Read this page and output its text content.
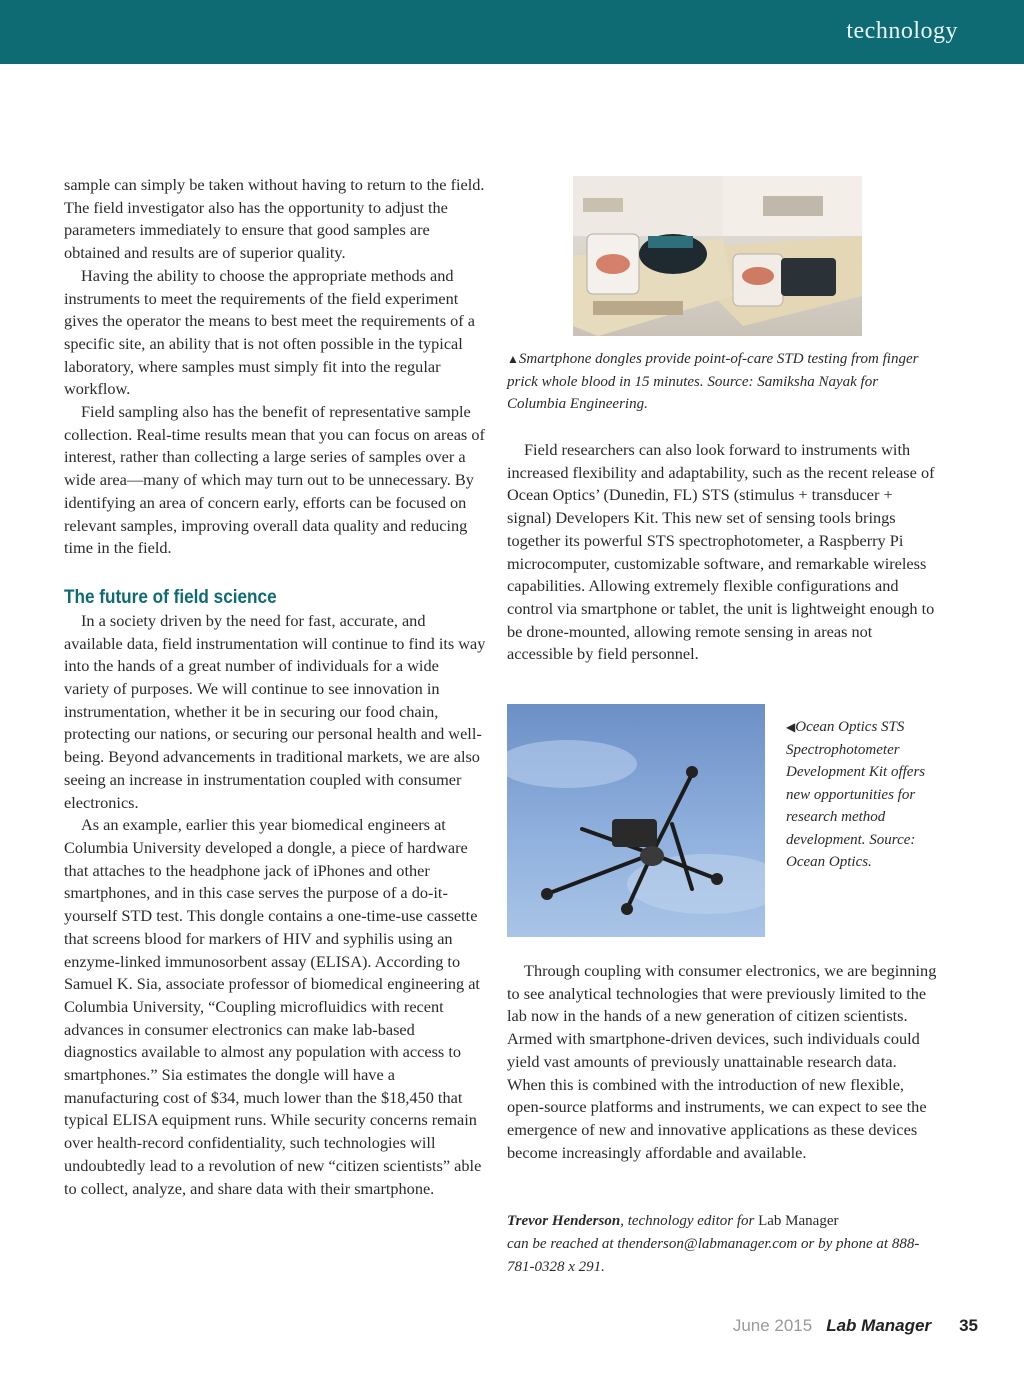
technology

sample can simply be taken without having to return to the field. The field investigator also has the opportunity to adjust the parameters immediately to ensure that good samples are obtained and results are of superior quality.

Having the ability to choose the appropriate methods and instruments to meet the requirements of the field experiment gives the operator the means to best meet the requirements of a specific site, an ability that is not often possible in the typical laboratory, where samples must simply fit into the regular workflow.

Field sampling also has the benefit of representative sample collection. Real-time results mean that you can focus on areas of interest, rather than collecting a large series of samples over a wide area—many of which may turn out to be unnecessary. By identifying an area of concern early, efforts can be focused on relevant samples, improving overall data quality and reducing time in the field.

The future of field science

In a society driven by the need for fast, accurate, and available data, field instrumentation will continue to find its way into the hands of a great number of individuals for a wide variety of purposes. We will continue to see innovation in instrumentation, whether it be in securing our food chain, protecting our nations, or securing our personal health and well-being. Beyond advancements in traditional markets, we are also seeing an increase in instrumentation coupled with consumer electronics.

As an example, earlier this year biomedical engineers at Columbia University developed a dongle, a piece of hardware that attaches to the headphone jack of iPhones and other smartphones, and in this case serves the purpose of a do-it-yourself STD test. This dongle contains a one-time-use cassette that screens blood for markers of HIV and syphilis using an enzyme-linked immunosorbent assay (ELISA). According to Samuel K. Sia, associate professor of biomedical engineering at Columbia University, “Coupling microfluidics with recent advances in consumer electronics can make lab-based diagnostics available to almost any population with access to smartphones.” Sia estimates the dongle will have a manufacturing cost of $34, much lower than the $18,450 that typical ELISA equipment runs. While security concerns remain over health-record confidentiality, such technologies will undoubtedly lead to a revolution of new “citizen scientists” able to collect, analyze, and share data with their smartphone.

▲Smartphone dongles provide point-of-care STD testing from finger prick whole blood in 15 minutes. Source: Samiksha Nayak for Columbia Engineering.

Field researchers can also look forward to instruments with increased flexibility and adaptability, such as the recent release of Ocean Optics’ (Dunedin, FL) STS (stimulus + transducer + signal) Developers Kit. This new set of sensing tools brings together its powerful STS spectrophotometer, a Raspberry Pi microcomputer, customizable software, and remarkable wireless capabilities. Allowing extremely flexible configurations and control via smartphone or tablet, the unit is lightweight enough to be drone-mounted, allowing remote sensing in areas not accessible by field personnel.

◀Ocean Optics STS Spectrophotometer Development Kit offers new opportunities for research method development. Source: Ocean Optics.

Through coupling with consumer electronics, we are beginning to see analytical technologies that were previously limited to the lab now in the hands of a new generation of citizen scientists. Armed with smartphone-driven devices, such individuals could yield vast amounts of previously unattainable research data. When this is combined with the introduction of new flexible, open-source platforms and instruments, we can expect to see the emergence of new and innovative applications as these devices become increasingly affordable and available.

Trevor Henderson, technology editor for Lab Manager
can be reached at thenderson@labmanager.com or by phone at 888-781-0328 x 291.
June 2015 Lab Manager 35
